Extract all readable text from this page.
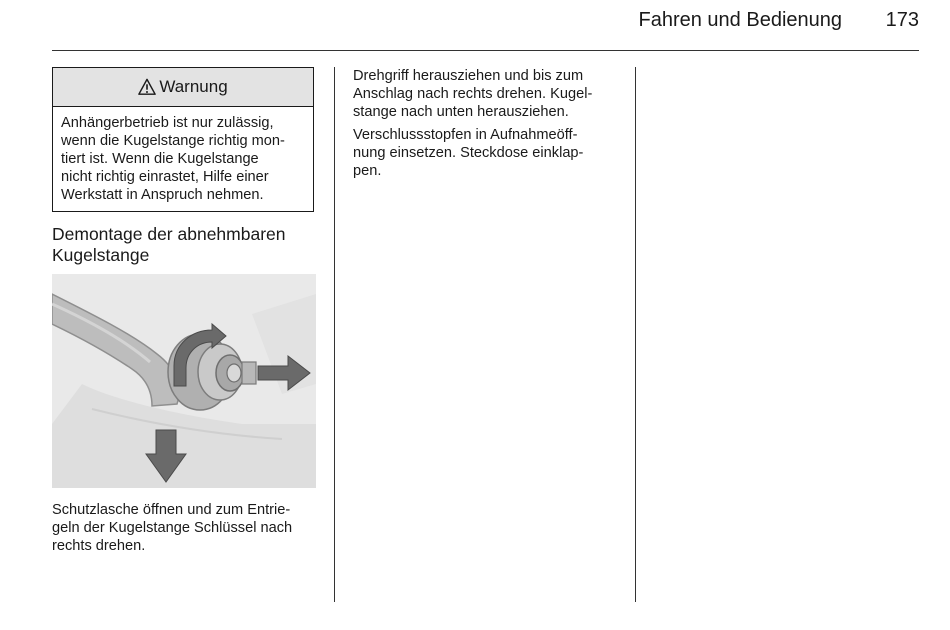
Fahren und Bedienung 173
Warnung
Anhängerbetrieb ist nur zulässig,
wenn die Kugelstange richtig mon-
tiert ist. Wenn die Kugelstange
nicht richtig einrastet, Hilfe einer
Werkstatt in Anspruch nehmen.
Demontage der abnehmbaren
Kugelstange
Schutzlasche öffnen und zum Entrie-
geln der Kugelstange Schlüssel nach
rechts drehen.
Drehgriff herausziehen und bis zum
Anschlag nach rechts drehen. Kugel-
stange nach unten herausziehen.
Verschlussstopfen in Aufnahmeöff-
nung einsetzen. Steckdose einklap-
pen.
